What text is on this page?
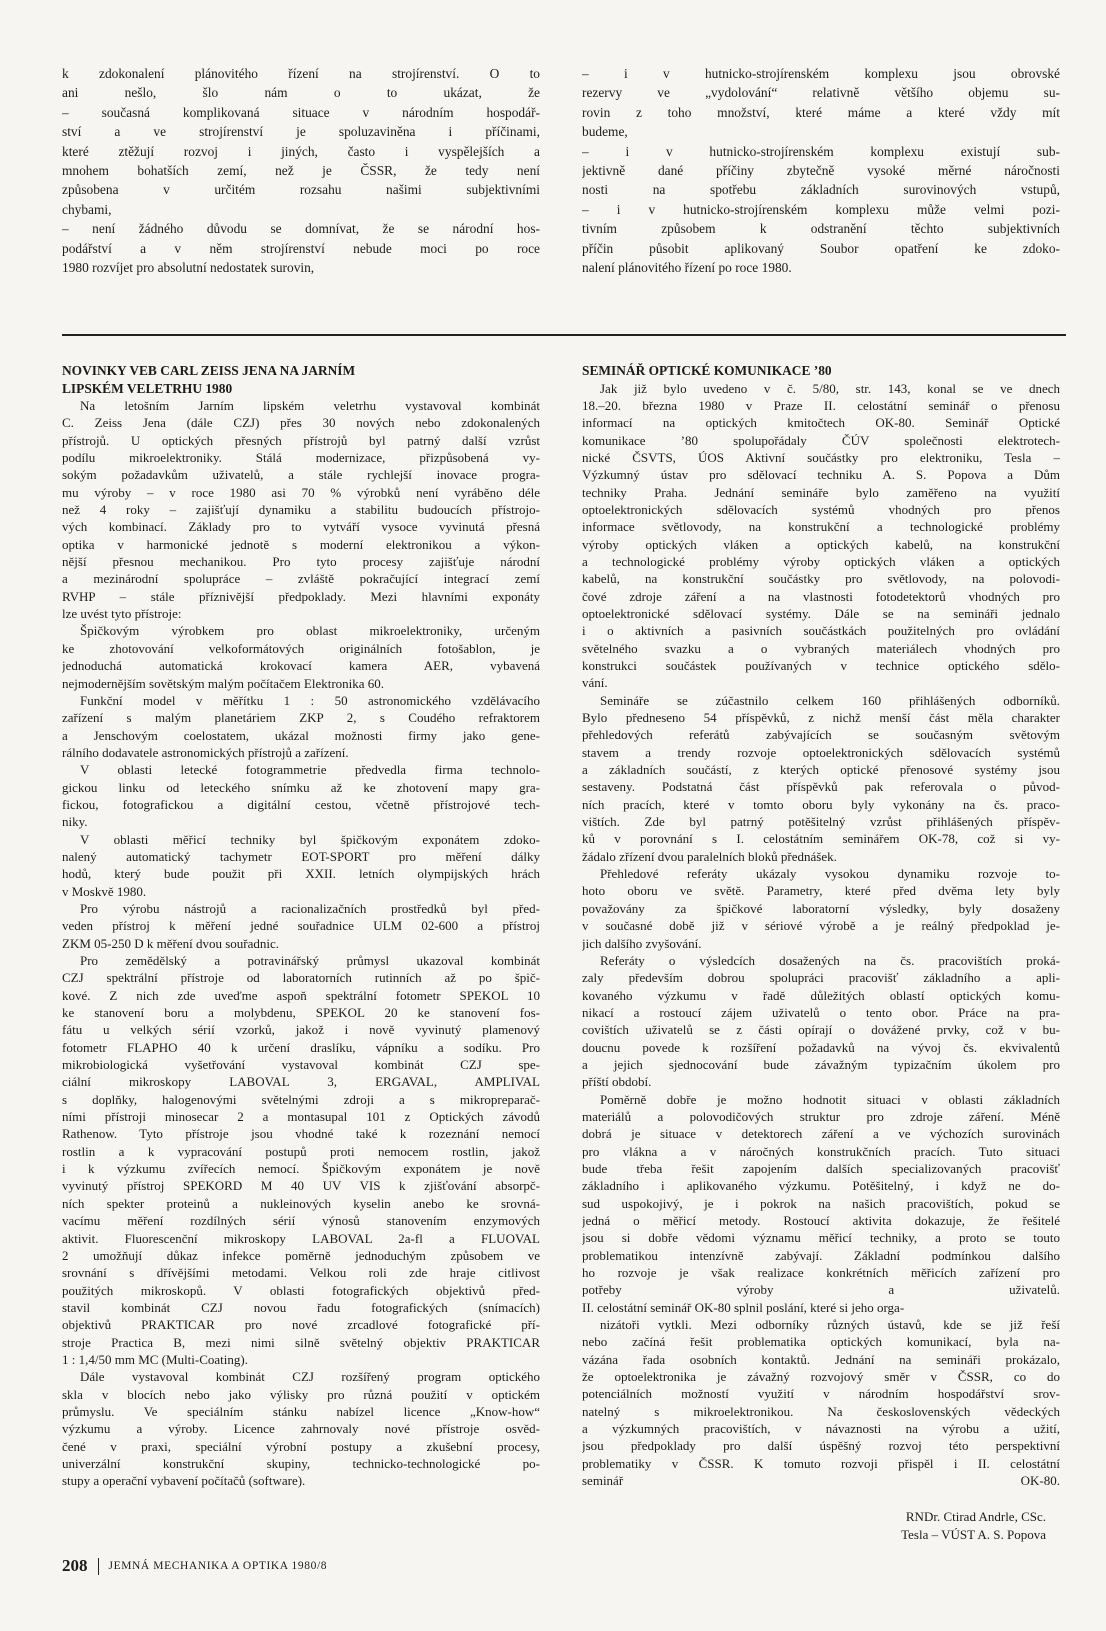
k zdokonalení plánovitého řízení na strojírenství. O to
ani nešlo, šlo nám o to ukázat, že
– současná komplikovaná situace v národním hospodář-
ství a ve strojírenství je spoluzaviněna i příčinami,
které ztěžují rozvoj i jiných, často i vyspělejších a
mnohem bohatších zemí, než je ČSSR, že tedy není
způsobena v určitém rozsahu našimi subjektivními
chybami,
– není žádného důvodu se domnívat, že se národní hos-
podářství a v něm strojírenství nebude moci po roce
1980 rozvíjet pro absolutní nedostatek surovin,
– i v hutnicko-strojírenském komplexu jsou obrovské
rezervy ve „vydolování“ relativně většího objemu su-
rovin z toho množství, které máme a které vždy mít
budeme,
– i v hutnicko-strojírenském komplexu existují sub-
jektivně dané příčiny zbytečně vysoké měrné náročnosti
nosti na spotřebu základních surovinových vstupů,
– i v hutnicko-strojírenském komplexu může velmi pozi-
tivním způsobem k odstranění těchto subjektivních
příčin působit aplikovaný Soubor opatření ke zdoko-
nalení plánovitého řízení po roce 1980.
NOVINKY VEB CARL ZEISS JENA NA JARNÍM
LIPSKÉM VELETRHU 1980
Na letošním Jarním lipském veletrhu vystavoval kombinát
C. Zeiss Jena (dále CZJ) přes 30 nových nebo zdokonalených
přístrojů. U optických přesných přístrojů byl patrný další vzrůst
podílu mikroelektroniky. Stálá modernizace, přizpůsobená vy-
sokým požadavkům uživatelů, a stále rychlejší inovace progra-
mu výroby – v roce 1980 asi 70 % výrobků není vyráběno déle
než 4 roky – zajišťují dynamiku a stabilitu budoucích přístrojo-
vých kombinací. Základy pro to vytváří vysoce vyvinutá přesná
optika v harmonické jednotě s moderní elektronikou a výkon-
nější přesnou mechanikou. Pro tyto procesy zajišťuje národní
a mezinárodní spolupráce – zvláště pokračující integrací zemí
RVHP – stále příznivější předpoklady. Mezi hlavními exponáty
lze uvést tyto přístroje:
Špičkovým výrobkem pro oblast mikroelektroniky, určeným
ke zhotovování velkoformátových originálních fotošablon, je
jednoduchá automatická krokovací kamera AER, vybavená
nejmodernějším sovětským malým počítačem Elektronika 60.
Funkční model v měřítku 1 : 50 astronomického vzdělávacího
zařízení s malým planetáriem ZKP 2, s Coudého refraktorem
a Jenschovým coelostatem, ukázal možnosti firmy jako gene-
rálního dodavatele astronomických přístrojů a zařízení.
V oblasti letecké fotogrammetrie předvedla firma technolo-
gickou linku od leteckého snímku až ke zhotovení mapy gra-
fickou, fotografickou a digitální cestou, včetně přístrojové tech-
niky.
V oblasti měřicí techniky byl špičkovým exponátem zdoko-
nalený automatický tachymetr EOT-SPORT pro měření dálky
hodů, který bude použit při XXII. letních olympijských hrách
v Moskvě 1980.
Pro výrobu nástrojů a racionalizačních prostředků byl před-
veden přístroj k měření jedné souřadnice ULM 02-600 a přístroj
ZKM 05-250 D k měření dvou souřadnic.
Pro zemědělský a potravinářský průmysl ukazoval kombinát
CZJ spektrální přístroje od laboratorních rutinních až po špič-
kové. Z nich zde uveďme aspoň spektrální fotometr SPEKOL 10
ke stanovení boru a molybdenu, SPEKOL 20 ke stanovení fos-
fátu u velkých sérií vzorků, jakož i nově vyvinutý plamenový
fotometr FLAPHO 40 k určení draslíku, vápníku a sodíku. Pro
mikrobiologická vyšetřování vystavoval kombinát CZJ spe-
ciální mikroskopy LABOVAL 3, ERGAVAL, AMPLIVAL
s doplňky, halogenovými světelnými zdroji a s mikropreparač-
ními přístroji minosecar 2 a montasupal 101 z Optických závodů
Rathenow. Tyto přístroje jsou vhodné také k rozeznání nemocí
rostlin a k vypracování postupů proti nemocem rostlin, jakož
i k výzkumu zvířecích nemocí. Špičkovým exponátem je nově
vyvinutý přístroj SPEKORD M 40 UV VIS k zjišťování absorpč-
ních spekter proteinů a nukleinových kyselin anebo ke srovná-
vacímu měření rozdílných sérií výnosů stanovením enzymových
aktivit. Fluorescenční mikroskopy LABOVAL 2a-fl a FLUOVAL
2 umožňují důkaz infekce poměrně jednoduchým způsobem ve
srovnání s dřívějšími metodami. Velkou roli zde hraje citlivost
použitých mikroskopů. V oblasti fotografických objektivů před-
stavil kombinát CZJ novou řadu fotografických (snímacích)
objektivů PRAKTICAR pro nové zrcadlové fotografické pří-
stroje Practica B, mezi nimi silně světelný objektiv PRAKTICAR
1 : 1,4/50 mm MC (Multi-Coating).
Dále vystavoval kombinát CZJ rozšířený program optického
skla v blocích nebo jako výlisky pro různá použití v optickém
průmyslu. Ve speciálním stánku nabízel licence „Know-how“
výzkumu a výroby. Licence zahrnovaly nové přístroje osvěd-
čené v praxi, speciální výrobní postupy a zkušební procesy,
univerzální konstrukční skupiny, technicko-technologické po-
stupy a operační vybavení počítačů (software).
SEMINÁŘ OPTICKÉ KOMUNIKACE ’80
Jak již bylo uvedeno v č. 5/80, str. 143, konal se ve dnech
18.–20. března 1980 v Praze II. celostátní seminář o přenosu
informací na optických kmitočtech OK-80. Seminář Optické
komunikace ’80 spolupořádaly ČÚV společnosti elektrotech-
nické ČSVTS, ÚOS Aktivní součástky pro elektroniku, Tesla –
Výzkumný ústav pro sdělovací techniku A. S. Popova a Dům
techniky Praha. Jednání semináře bylo zaměřeno na využití
optoelektronických sdělovacích systémů vhodných pro přenos
informace světlovody, na konstrukční a technologické problémy
výroby optických vláken a optických kabelů, na konstrukční
a technologické problémy výroby optických vláken a optických
kabelů, na konstrukční součástky pro světlovody, na polovodi-
čové zdroje záření a na vlastnosti fotodetektorů vhodných pro
optoelektronické sdělovací systémy. Dále se na semináři jednalo
i o aktivních a pasivních součástkách použitelných pro ovládání
světelného svazku a o vybraných materiálech vhodných pro
konstrukci součástek používaných v technice optického sdělo-
vání.
Semináře se zúčastnilo celkem 160 přihlášených odborníků.
Bylo předneseno 54 příspěvků, z nichž menší část měla charakter
přehledových referátů zabývajících se současným světovým
stavem a trendy rozvoje optoelektronických sdělovacích systémů
a základních součástí, z kterých optické přenosové systémy jsou
sestaveny. Podstatná část příspěvků pak referovala o původ-
ních pracích, které v tomto oboru byly vykonány na čs. praco-
vištích. Zde byl patrný potěšitelný vzrůst přihlášených příspěv-
ků v porovnání s I. celostátním seminářem OK-78, což si vy-
žádalo zřízení dvou paralelních bloků přednášek.
Přehledové referáty ukázaly vysokou dynamiku rozvoje to-
hoto oboru ve světě. Parametry, které před dvěma lety byly
považovány za špičkové laboratorní výsledky, byly dosaženy
v současné době již v sériové výrobě a je reálný předpoklad je-
jich dalšího zvyšování.
Referáty o výsledcích dosažených na čs. pracovištích proká-
zaly především dobrou spolupráci pracovišť základního a apli-
kovaného výzkumu v řadě důležitých oblastí optických komu-
nikací a rostoucí zájem uživatelů o tento obor. Práce na pra-
covištích uživatelů se z části opírají o dovážené prvky, což v bu-
doucnu povede k rozšíření požadavků na vývoj čs. ekvivalentů
a jejich sjednocování bude závažným typizačním úkolem pro
příští období.
Poměrně dobře je možno hodnotit situaci v oblasti základních
materiálů a polovodičových struktur pro zdroje záření. Méně
dobrá je situace v detektorech záření a ve výchozích surovinách
pro vlákna a v náročných konstrukčních pracích. Tuto situaci
bude třeba řešit zapojením dalších specializovaných pracovišť
základního i aplikovaného výzkumu. Potěšitelný, i když ne do-
sud uspokojivý, je i pokrok na našich pracovištích, pokud se
jedná o měřicí metody. Rostoucí aktivita dokazuje, že řešitelé
jsou si dobře vědomi významu měřicí techniky, a proto se touto
problematikou intenzívně zabývají. Základní podmínkou dalšího
ho rozvoje je však realizace konkrétních měřicích zařízení pro
potřeby výroby a uživatelů.
II. celostátní seminář OK-80 splnil poslání, které si jeho orga-
nizátoři vytkli. Mezi odborníky různých ústavů, kde se již řeší
nebo začíná řešit problematika optických komunikací, byla na-
vázána řada osobních kontaktů. Jednání na semináři prokázalo,
že optoelektronika je závažný rozvojový směr v ČSSR, co do
potenciálních možností využití v národním hospodářství srov-
natelný s mikroelektronikou. Na československých vědeckých
a výzkumných pracovištích, v návaznosti na výrobu a užití,
jsou předpoklady pro další úspěšný rozvoj této perspektivní
problematiky v ČSSR. K tomuto rozvoji přispěl i II. celostátní
seminář OK-80.
RNDr. Ctirad Andrle, CSc.
Tesla – VÚST A. S. Popova
208 JEMNÁ MECHANIKA A OPTIKA 1980/8
